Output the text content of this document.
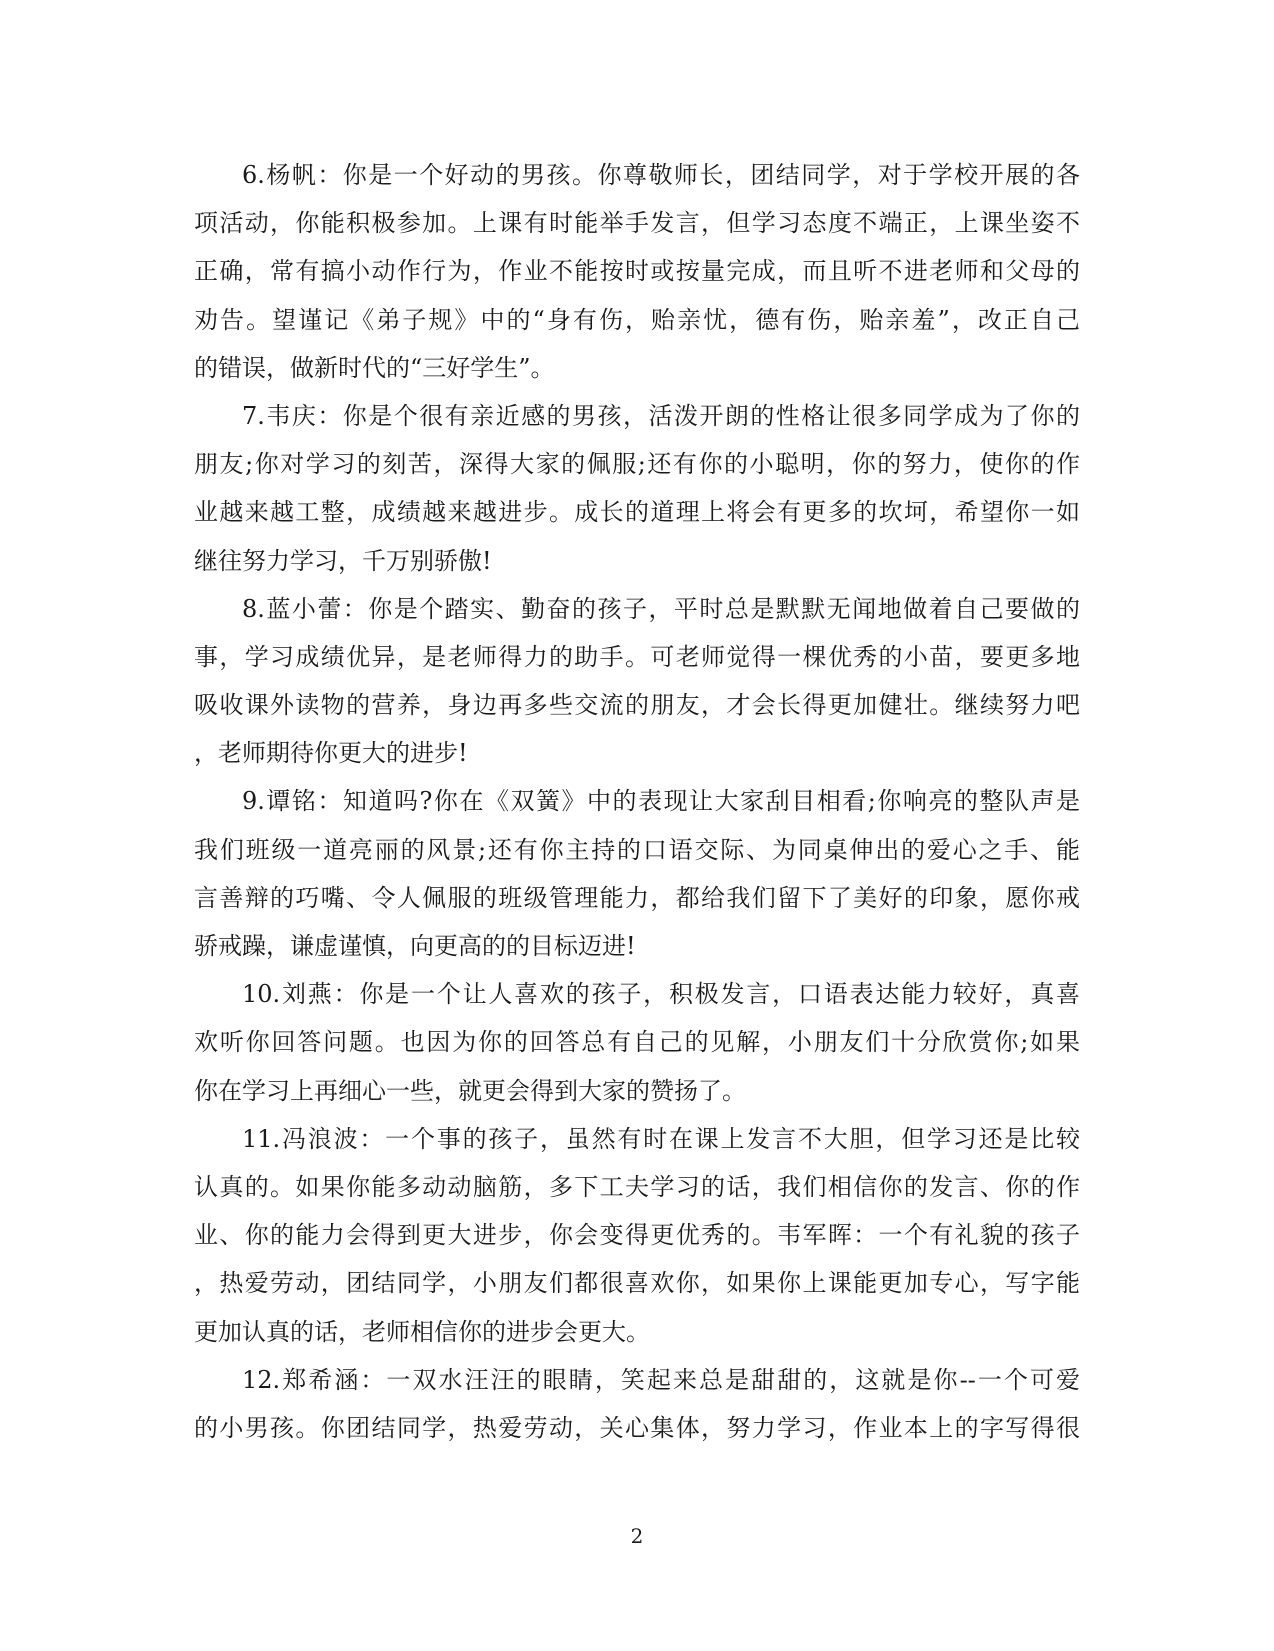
6.杨帆：你是一个好动的男孩。你尊敬师长，团结同学，对于学校开展的各
项活动，你能积极参加。上课有时能举手发言，但学习态度不端正，上课坐姿不
正确，常有搞小动作行为，作业不能按时或按量完成，而且听不进老师和父母的
劝告。望谨记《弟子规》中的“身有伤，贻亲忧，德有伤，贻亲羞”，改正自己
的错误，做新时代的“三好学生”。
7.韦庆：你是个很有亲近感的男孩，活泼开朗的性格让很多同学成为了你的
朋友;你对学习的刻苦，深得大家的佩服;还有你的小聪明，你的努力，使你的作
业越来越工整，成绩越来越进步。成长的道理上将会有更多的坎坷，希望你一如
继往努力学习，千万别骄傲!
8.蓝小蕾：你是个踏实、勤奋的孩子，平时总是默默无闻地做着自己要做的
事，学习成绩优异，是老师得力的助手。可老师觉得一棵优秀的小苗，要更多地
吸收课外读物的营养，身边再多些交流的朋友，才会长得更加健壮。继续努力吧
，老师期待你更大的进步!
9.谭铭：知道吗?你在《双簧》中的表现让大家刮目相看;你响亮的整队声是
我们班级一道亮丽的风景;还有你主持的口语交际、为同桌伸出的爱心之手、能
言善辩的巧嘴、令人佩服的班级管理能力，都给我们留下了美好的印象，愿你戒
骄戒躁，谦虚谨慎，向更高的的目标迈进!
10.刘燕：你是一个让人喜欢的孩子，积极发言，口语表达能力较好，真喜
欢听你回答问题。也因为你的回答总有自己的见解，小朋友们十分欣赏你;如果
你在学习上再细心一些，就更会得到大家的赞扬了。
11.冯浪波：一个事的孩子，虽然有时在课上发言不大胆，但学习还是比较
认真的。如果你能多动动脑筋，多下工夫学习的话，我们相信你的发言、你的作
业、你的能力会得到更大进步，你会变得更优秀的。韦军晖：一个有礼貌的孩子
，热爱劳动，团结同学，小朋友们都很喜欢你，如果你上课能更加专心，写字能
更加认真的话，老师相信你的进步会更大。
12.郑希涵：一双水汪汪的眼睛，笑起来总是甜甜的，这就是你--一个可爱
的小男孩。你团结同学，热爱劳动，关心集体，努力学习，作业本上的字写得很
2
